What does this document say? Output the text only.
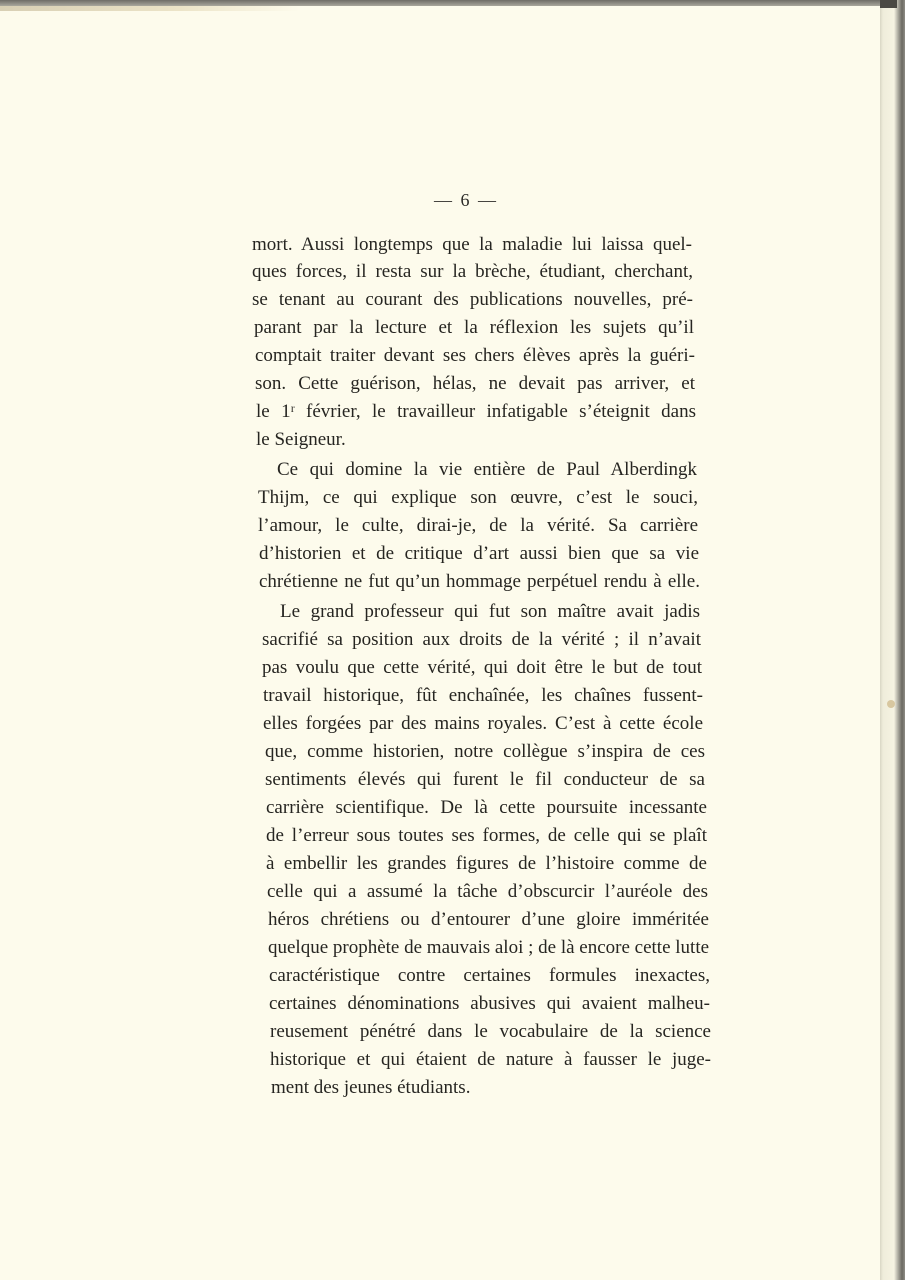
— 6 —
mort. Aussi longtemps que la maladie lui laissa quel-
ques forces, il resta sur la brèche, étudiant, cherchant,
se tenant au courant des publications nouvelles, pré-
parant par la lecture et la réflexion les sujets qu’il
comptait traiter devant ses chers élèves après la guéri-
son. Cette guérison, hélas, ne devait pas arriver, et
le 1ʳ février, le travailleur infatigable s’éteignit dans
le Seigneur.
Ce qui domine la vie entière de Paul Alberdingk
Thijm, ce qui explique son œuvre, c’est le souci,
l’amour, le culte, dirai-je, de la vérité. Sa carrière
d’historien et de critique d’art aussi bien que sa vie
chrétienne ne fut qu’un hommage perpétuel rendu à elle.
Le grand professeur qui fut son maître avait jadis
sacrifié sa position aux droits de la vérité ; il n’avait
pas voulu que cette vérité, qui doit être le but de tout
travail historique, fût enchaînée, les chaînes fussent-
elles forgées par des mains royales. C’est à cette école
que, comme historien, notre collègue s’inspira de ces
sentiments élevés qui furent le fil conducteur de sa
carrière scientifique. De là cette poursuite incessante
de l’erreur sous toutes ses formes, de celle qui se plaît
à embellir les grandes figures de l’histoire comme de
celle qui a assumé la tâche d’obscurcir l’auréole des
héros chrétiens ou d’entourer d’une gloire imméritée
quelque prophète de mauvais aloi ; de là encore cette lutte
caractéristique contre certaines formules inexactes,
certaines dénominations abusives qui avaient malheu-
reusement pénétré dans le vocabulaire de la science
historique et qui étaient de nature à fausser le juge-
ment des jeunes étudiants.
